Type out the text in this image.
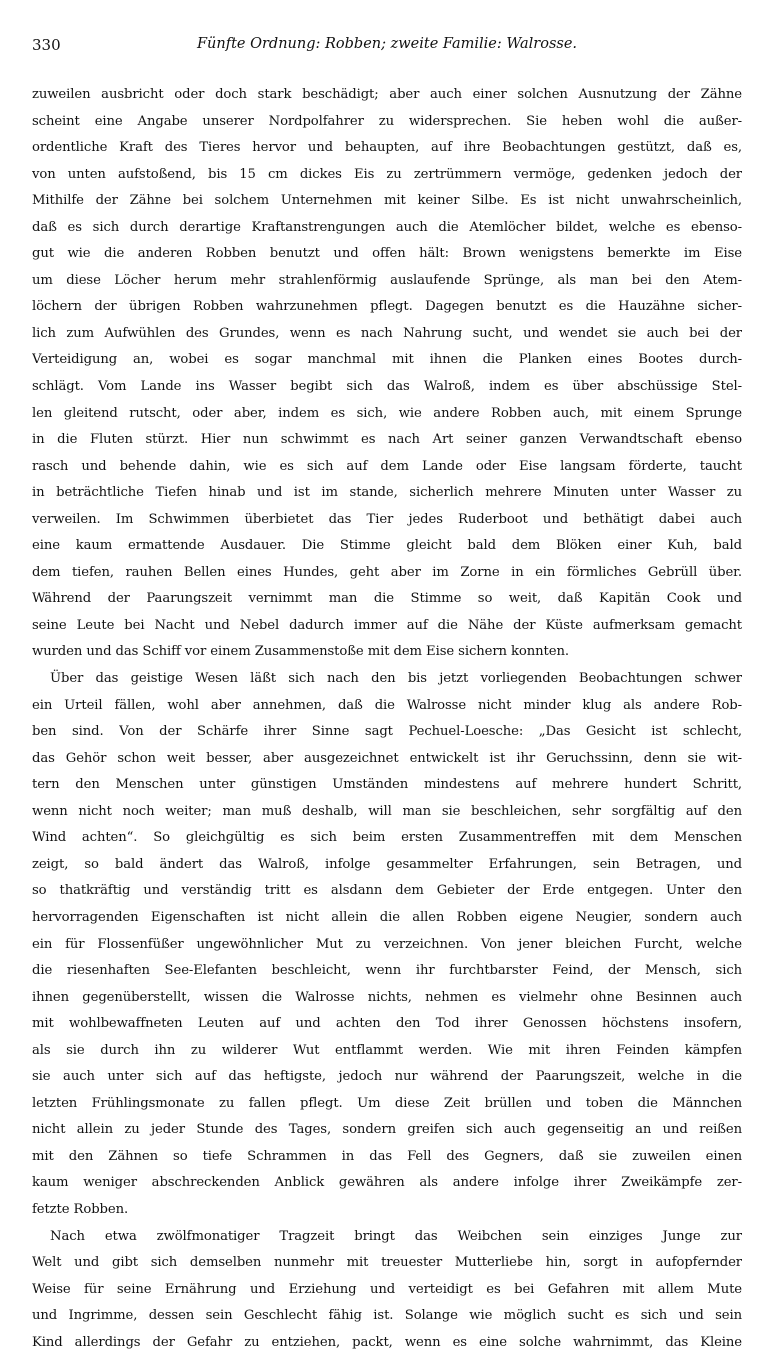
330	Fünfte Ordnung: Robben; zweite Familie: Walrosse.
zuweilen ausbricht oder doch stark beschädigt; aber auch einer solchen Ausnutzung der Zähne
scheint eine Angabe unserer Nordpolfahrer zu widersprechen. Sie heben wohl die außer-
ordentliche Kraft des Tieres hervor und behaupten, auf ihre Beobachtungen gestützt, daß es,
von unten aufstoßend, bis 15 cm dickes Eis zu zertrümmern vermöge, gedenken jedoch der
Mithilfe der Zähne bei solchem Unternehmen mit keiner Silbe. Es ist nicht unwahrscheinlich,
daß es sich durch derartige Kraftanstrengungen auch die Atemlöcher bildet, welche es ebenso-
gut wie die anderen Robben benutzt und offen hält: Brown wenigstens bemerkte im Eise
um diese Löcher herum mehr strahlenförmig auslaufende Sprünge, als man bei den Atem-
löchern der übrigen Robben wahrzunehmen pflegt. Dagegen benutzt es die Hauzähne sicher-
lich zum Aufwühlen des Grundes, wenn es nach Nahrung sucht, und wendet sie auch bei der
Verteidigung an, wobei es sogar manchmal mit ihnen die Planken eines Bootes durch-
schlägt. Vom Lande ins Wasser begibt sich das Walroß, indem es über abschüssige Stel-
len gleitend rutscht, oder aber, indem es sich, wie andere Robben auch, mit einem Sprunge
in die Fluten stürzt. Hier nun schwimmt es nach Art seiner ganzen Verwandtschaft ebenso
rasch und behende dahin, wie es sich auf dem Lande oder Eise langsam förderte, taucht
in beträchtliche Tiefen hinab und ist im stande, sicherlich mehrere Minuten unter Wasser zu
verweilen. Im Schwimmen überbietet das Tier jedes Ruderboot und bethätigt dabei auch
eine kaum ermattende Ausdauer. Die Stimme gleicht bald dem Blöken einer Kuh, bald
dem tiefen, rauhen Bellen eines Hundes, geht aber im Zorne in ein förmliches Gebrüll über.
Während der Paarungszeit vernimmt man die Stimme so weit, daß Kapitän Cook und
seine Leute bei Nacht und Nebel dadurch immer auf die Nähe der Küste aufmerksam gemacht
wurden und das Schiff vor einem Zusammenstoße mit dem Eise sichern konnten.
Über das geistige Wesen läßt sich nach den bis jetzt vorliegenden Beobachtungen schwer
ein Urteil fällen, wohl aber annehmen, daß die Walrosse nicht minder klug als andere Rob-
ben sind. Von der Schärfe ihrer Sinne sagt Pechuel-Loesche: „Das Gesicht ist schlecht,
das Gehör schon weit besser, aber ausgezeichnet entwickelt ist ihr Geruchssinn, denn sie wit-
tern den Menschen unter günstigen Umständen mindestens auf mehrere hundert Schritt,
wenn nicht noch weiter; man muß deshalb, will man sie beschleichen, sehr sorgfältig auf den
Wind achten“. So gleichgültig es sich beim ersten Zusammentreffen mit dem Menschen
zeigt, so bald ändert das Walroß, infolge gesammelter Erfahrungen, sein Betragen, und
so thatkräftig und verständig tritt es alsdann dem Gebieter der Erde entgegen. Unter den
hervorragenden Eigenschaften ist nicht allein die allen Robben eigene Neugier, sondern auch
ein für Flossenfüßer ungewöhnlicher Mut zu verzeichnen. Von jener bleichen Furcht, welche
die riesenhaften See-Elefanten beschleicht, wenn ihr furchtbarster Feind, der Mensch, sich
ihnen gegenüberstellt, wissen die Walrosse nichts, nehmen es vielmehr ohne Besinnen auch
mit wohlbewaffneten Leuten auf und achten den Tod ihrer Genossen höchstens insofern,
als sie durch ihn zu wilderer Wut entflammt werden. Wie mit ihren Feinden kämpfen
sie auch unter sich auf das heftigste, jedoch nur während der Paarungszeit, welche in die
letzten Frühlingsmonate zu fallen pflegt. Um diese Zeit brüllen und toben die Männchen
nicht allein zu jeder Stunde des Tages, sondern greifen sich auch gegenseitig an und reißen
mit den Zähnen so tiefe Schrammen in das Fell des Gegners, daß sie zuweilen einen
kaum weniger abschreckenden Anblick gewähren als andere infolge ihrer Zweikämpfe zer-
fetzte Robben.
Nach etwa zwölfmonatiger Tragzeit bringt das Weibchen sein einziges Junge zur
Welt und gibt sich demselben nunmehr mit treuester Mutterliebe hin, sorgt in aufopfernder
Weise für seine Ernährung und Erziehung und verteidigt es bei Gefahren mit allem Mute
und Ingrimme, dessen sein Geschlecht fähig ist. Solange wie möglich sucht es sich und sein
Kind allerdings der Gefahr zu entziehen, packt, wenn es eine solche wahrnimmt, das Kleine
